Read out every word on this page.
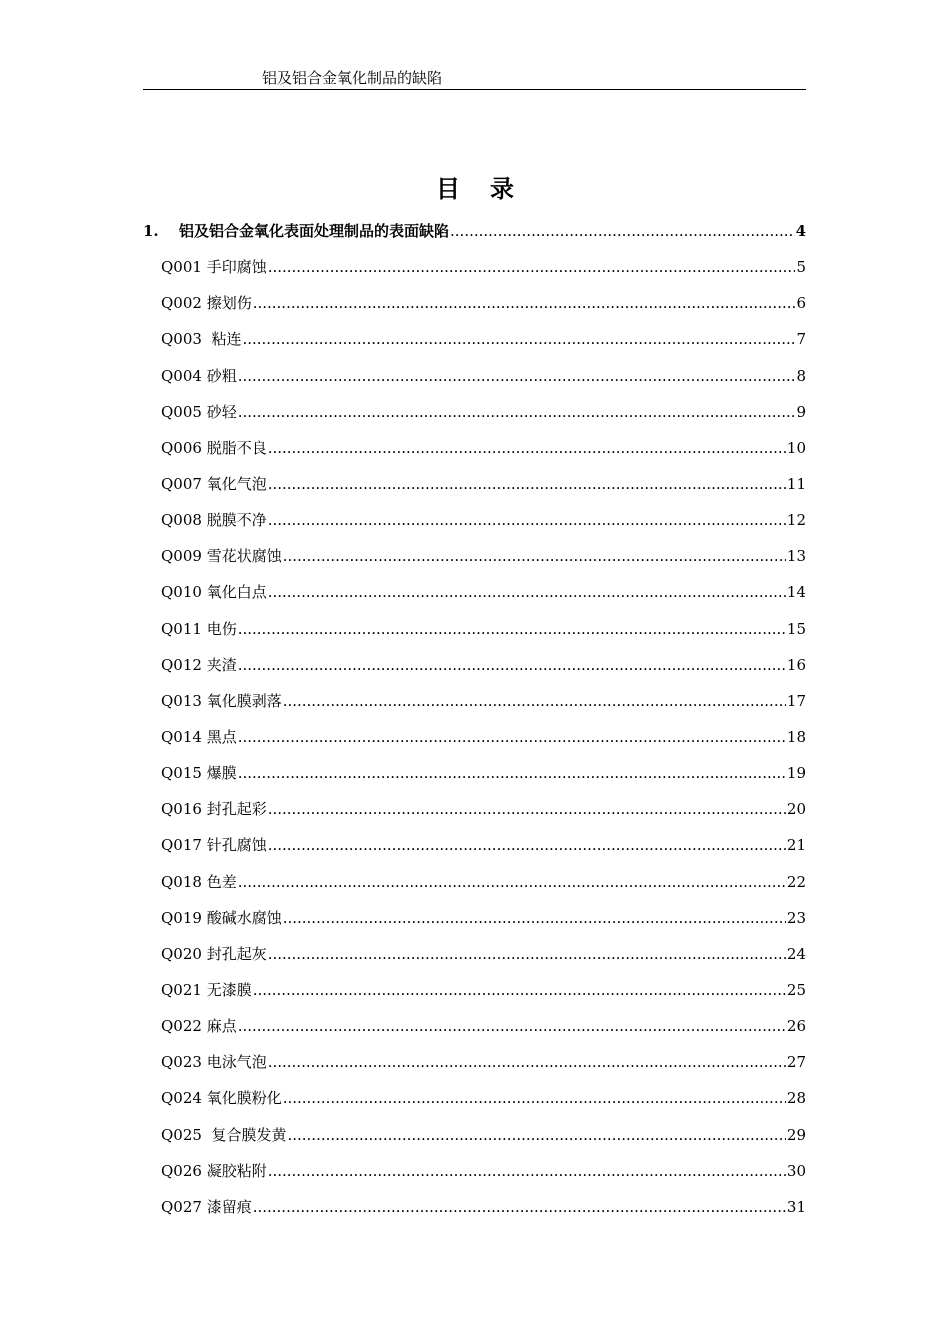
铝及铝合金氧化制品的缺陷
目录
1.	铝及铝合金氧化表面处理制品的表面缺陷 .....	4
Q001 手印腐蚀 .....	5
Q002 擦划伤 .....	6
Q003  粘连 .....	7
Q004 砂粗 .....	8
Q005 砂轻 .....	9
Q006 脱脂不良 .....	10
Q007 氧化气泡 .....	11
Q008 脱膜不净 .....	12
Q009 雪花状腐蚀 .....	13
Q010 氧化白点 .....	14
Q011 电伤 .....	15
Q012 夹渣 .....	16
Q013 氧化膜剥落 .....	17
Q014 黑点 .....	18
Q015 爆膜 .....	19
Q016 封孔起彩 .....	20
Q017 针孔腐蚀 .....	21
Q018 色差 .....	22
Q019 酸碱水腐蚀 .....	23
Q020 封孔起灰 .....	24
Q021 无漆膜 .....	25
Q022 麻点 .....	26
Q023 电泳气泡 .....	27
Q024 氧化膜粉化 .....	28
Q025  复合膜发黄 .....	29
Q026 凝胶粘附 .....	30
Q027 漆留痕 .....	31
